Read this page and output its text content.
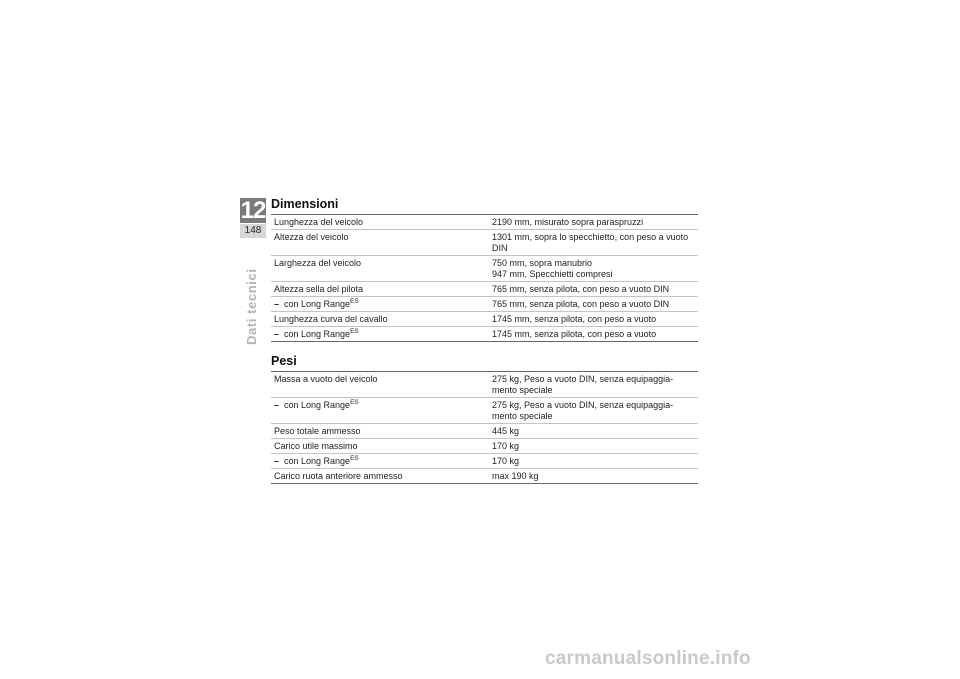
12
148
Dati tecnici
Dimensioni
Lunghezza del veicolo	2190 mm, misurato sopra paraspruzzi
Altezza del veicolo	1301 mm, sopra lo specchietto, con peso a vuoto DIN
Larghezza del veicolo	750 mm, sopra manubrio
947 mm, Specchietti compresi
Altezza sella del pilota	765 mm, senza pilota, con peso a vuoto DIN
– con Long Range$^{ES}$	765 mm, senza pilota, con peso a vuoto DIN
Lunghezza curva del cavallo	1745 mm, senza pilota, con peso a vuoto
– con Long Range$^{ES}$	1745 mm, senza pilota, con peso a vuoto
Pesi
Massa a vuoto del veicolo	275 kg, Peso a vuoto DIN, senza equipaggia-
mento speciale
– con Long Range$^{ES}$	275 kg, Peso a vuoto DIN, senza equipaggia-
mento speciale
Peso totale ammesso	445 kg
Carico utile massimo	170 kg
– con Long Range$^{ES}$	170 kg
Carico ruota anteriore ammesso	max 190 kg
carmanualsonline.info
